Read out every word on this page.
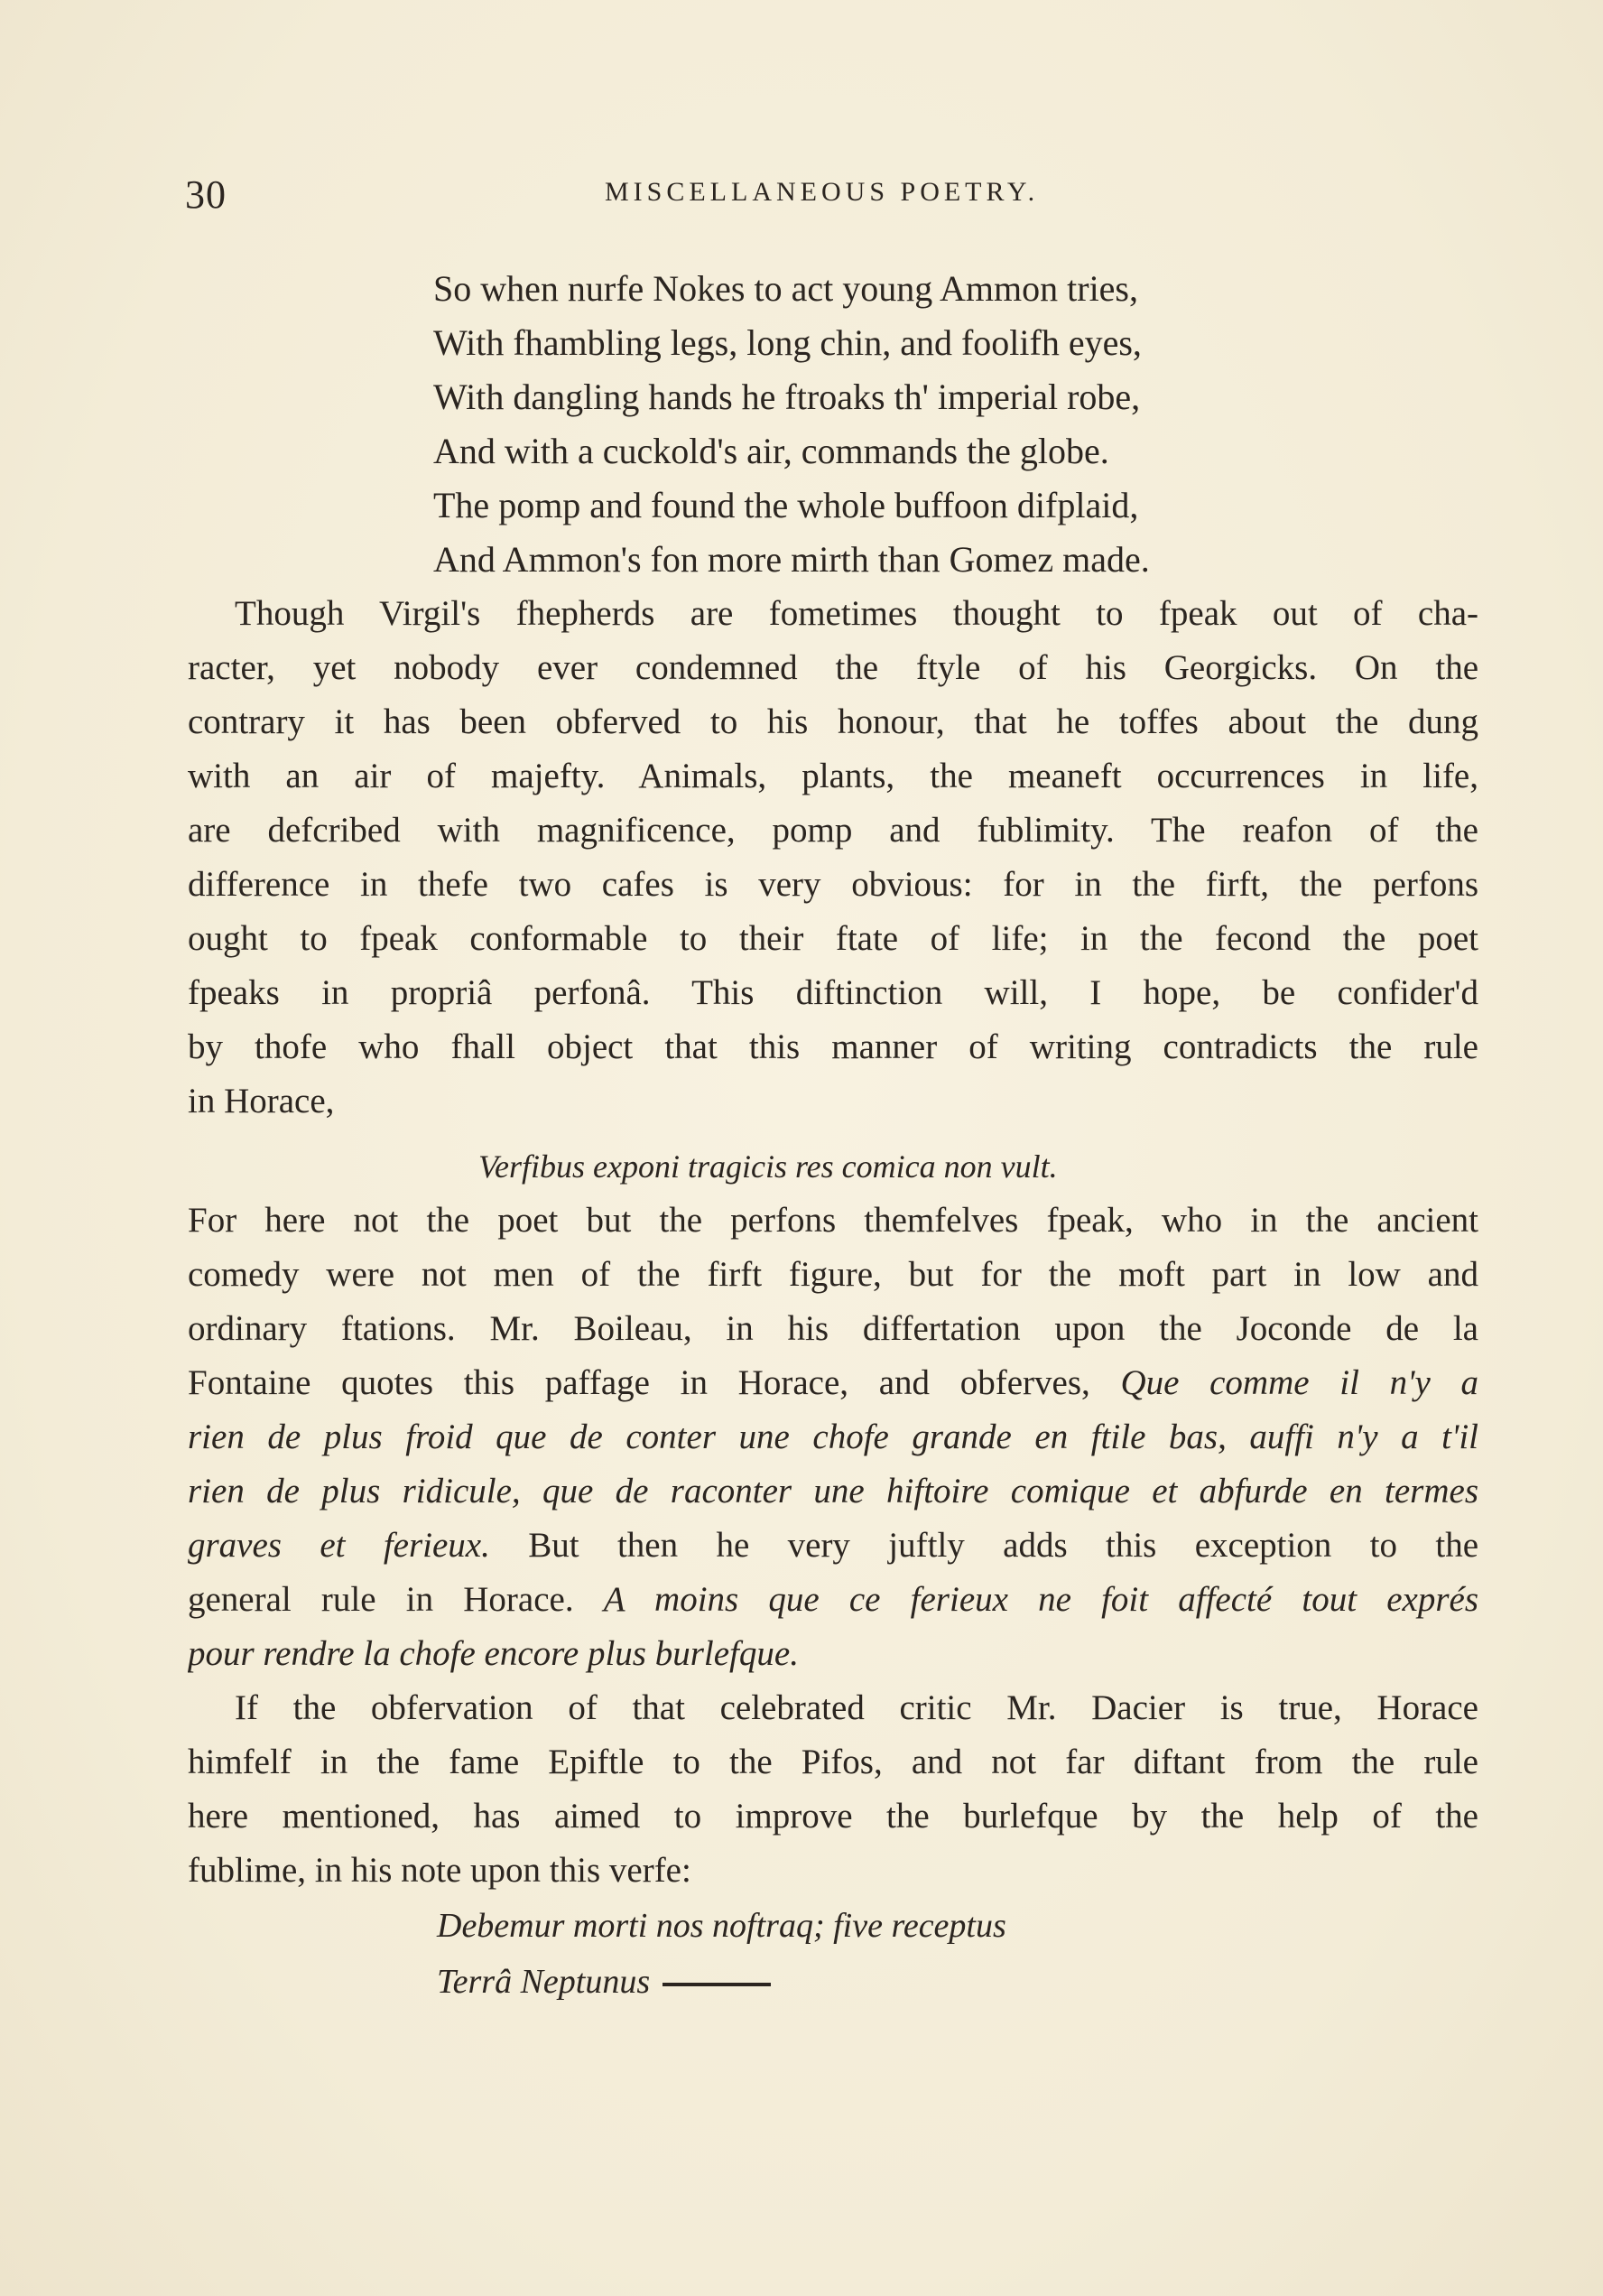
30	MISCELLANEOUS POETRY.
So when nurfe Nokes to act young Ammon tries,
With fhambling legs, long chin, and foolifh eyes,
With dangling hands he ftroaks th' imperial robe,
And with a cuckold's air, commands the globe.
The pomp and found the whole buffoon difplaid,
And Ammon's fon more mirth than Gomez made.
Though Virgil's fhepherds are fometimes thought to fpeak out of cha-
racter, yet nobody ever condemned the ftyle of his Georgicks. On the
contrary it has been obferved to his honour, that he toffes about the dung
with an air of majefty. Animals, plants, the meaneft occurrences in life,
are defcribed with magnificence, pomp and fublimity. The reafon of the
difference in thefe two cafes is very obvious: for in the firft, the perfons
ought to fpeak conformable to their ftate of life; in the fecond the poet
fpeaks in propriâ perfonâ. This diftinction will, I hope, be confider'd
by thofe who fhall object that this manner of writing contradicts the rule
in Horace,
Verfibus exponi tragicis res comica non vult.
For here not the poet but the perfons themfelves fpeak, who in the ancient
comedy were not men of the firft figure, but for the moft part in low and
ordinary ftations. Mr. Boileau, in his differtation upon the Joconde de la
Fontaine quotes this paffage in Horace, and obferves, Que comme il n'y a
rien de plus froid que de conter une chofe grande en ftile bas, auffi n'y a t'il
rien de plus ridicule, que de raconter une hiftoire comique et abfurde en termes
graves et ferieux. But then he very juftly adds this exception to the
general rule in Horace. A moins que ce ferieux ne foit affecté tout exprés
pour rendre la chofe encore plus burlefque.
If the obfervation of that celebrated critic Mr. Dacier is true, Horace
himfelf in the fame Epiftle to the Pifos, and not far diftant from the rule
here mentioned, has aimed to improve the burlefque by the help of the
fublime, in his note upon this verfe:
Debemur morti nos noftraq; five receptus
Terrâ Neptunus
